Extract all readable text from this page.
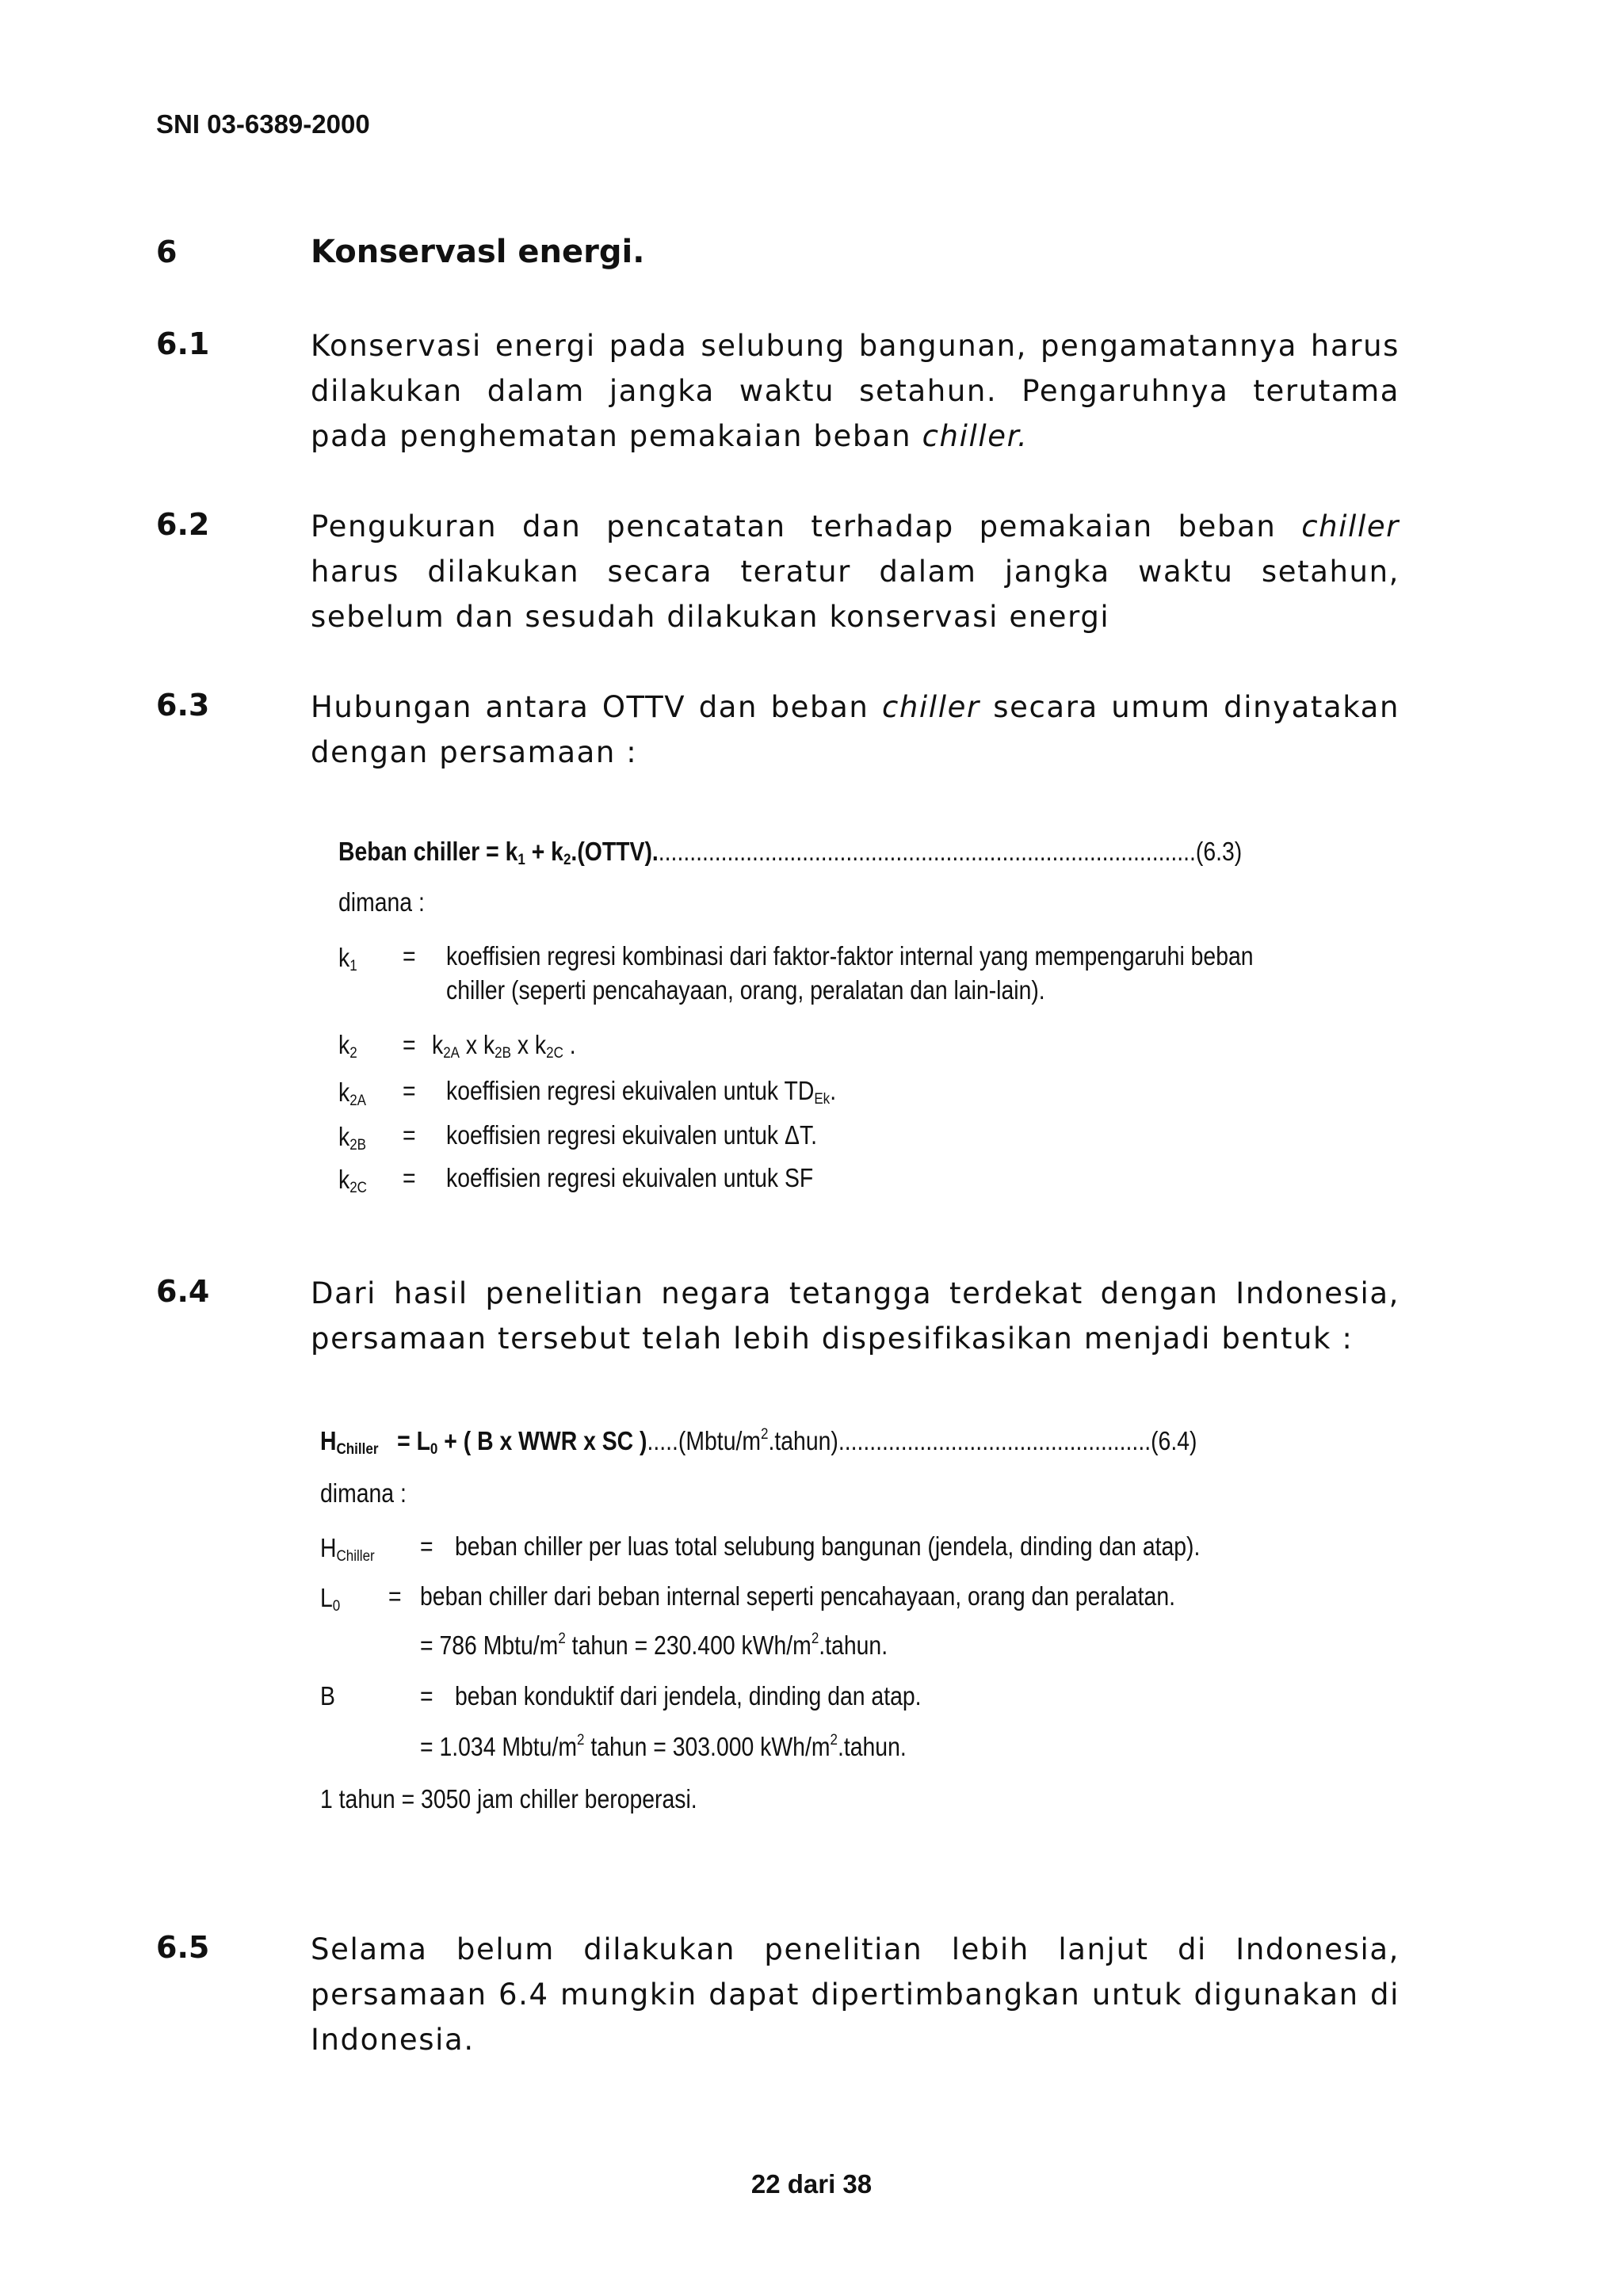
SNI 03-6389-2000
6	Konservasl energi.
6.1	Konservasi energi pada selubung bangunan, pengamatannya harus dilakukan dalam jangka waktu setahun. Pengaruhnya terutama pada penghematan pemakaian beban chiller.
6.2	Pengukuran dan pencatatan terhadap pemakaian beban chiller harus dilakukan secara teratur dalam jangka waktu setahun, sebelum dan sesudah dilakukan konservasi energi
6.3	Hubungan antara OTTV dan beban chiller secara umum dinyatakan dengan persamaan :
Beban chiller = $k_1$ + $k_2.(OTTV).......................................................................................(6.3)$
dimana :
$k_1$ = koeffisien regresi kombinasi dari faktor-faktor internal yang mempengaruhi beban
chiller (seperti pencahayaan, orang, peralatan dan lain-lain).
$k_2 = k_{2A}$ x $k_{2B}$ x $k_{2C}$ .
$k_{2A}$ = koeffisien regresi ekuivalen untuk $TD_{Ek}$.
$k_{2B}$ = koeffisien regresi ekuivalen untuk ΔT.
$k_{2C}$ = koeffisien regresi ekuivalen untuk SF
6.4	Dari hasil penelitian negara tetangga terdekat dengan Indonesia, persamaan tersebut telah lebih dispesifikasikan menjadi bentuk :
$H_{Chiller} = L_0$ + ( B x WWR x SC )$.....(Mbtu/m^2.tahun)..................................................(6.4)$
dimana :
$H_{Chiller}$ = beban chiller per luas total selubung bangunan (jendela, dinding dan atap).
$L_0$ = beban chiller dari beban internal seperti pencahayaan, orang dan peralatan.
= 786 Mbtu/$m^2$ tahun = 230.400 kWh/$m^2.tahun$.
B	= beban konduktif dari jendela, dinding dan atap.
= 1.034 Mbtu/$m^2$ tahun = 303.000 kWh/$m^2.tahun$.
1 tahun = 3050 jam chiller beroperasi.
6.5	Selama belum dilakukan penelitian lebih lanjut di Indonesia, persamaan 6.4 mungkin dapat dipertimbangkan untuk digunakan di Indonesia.
22 dari 38
